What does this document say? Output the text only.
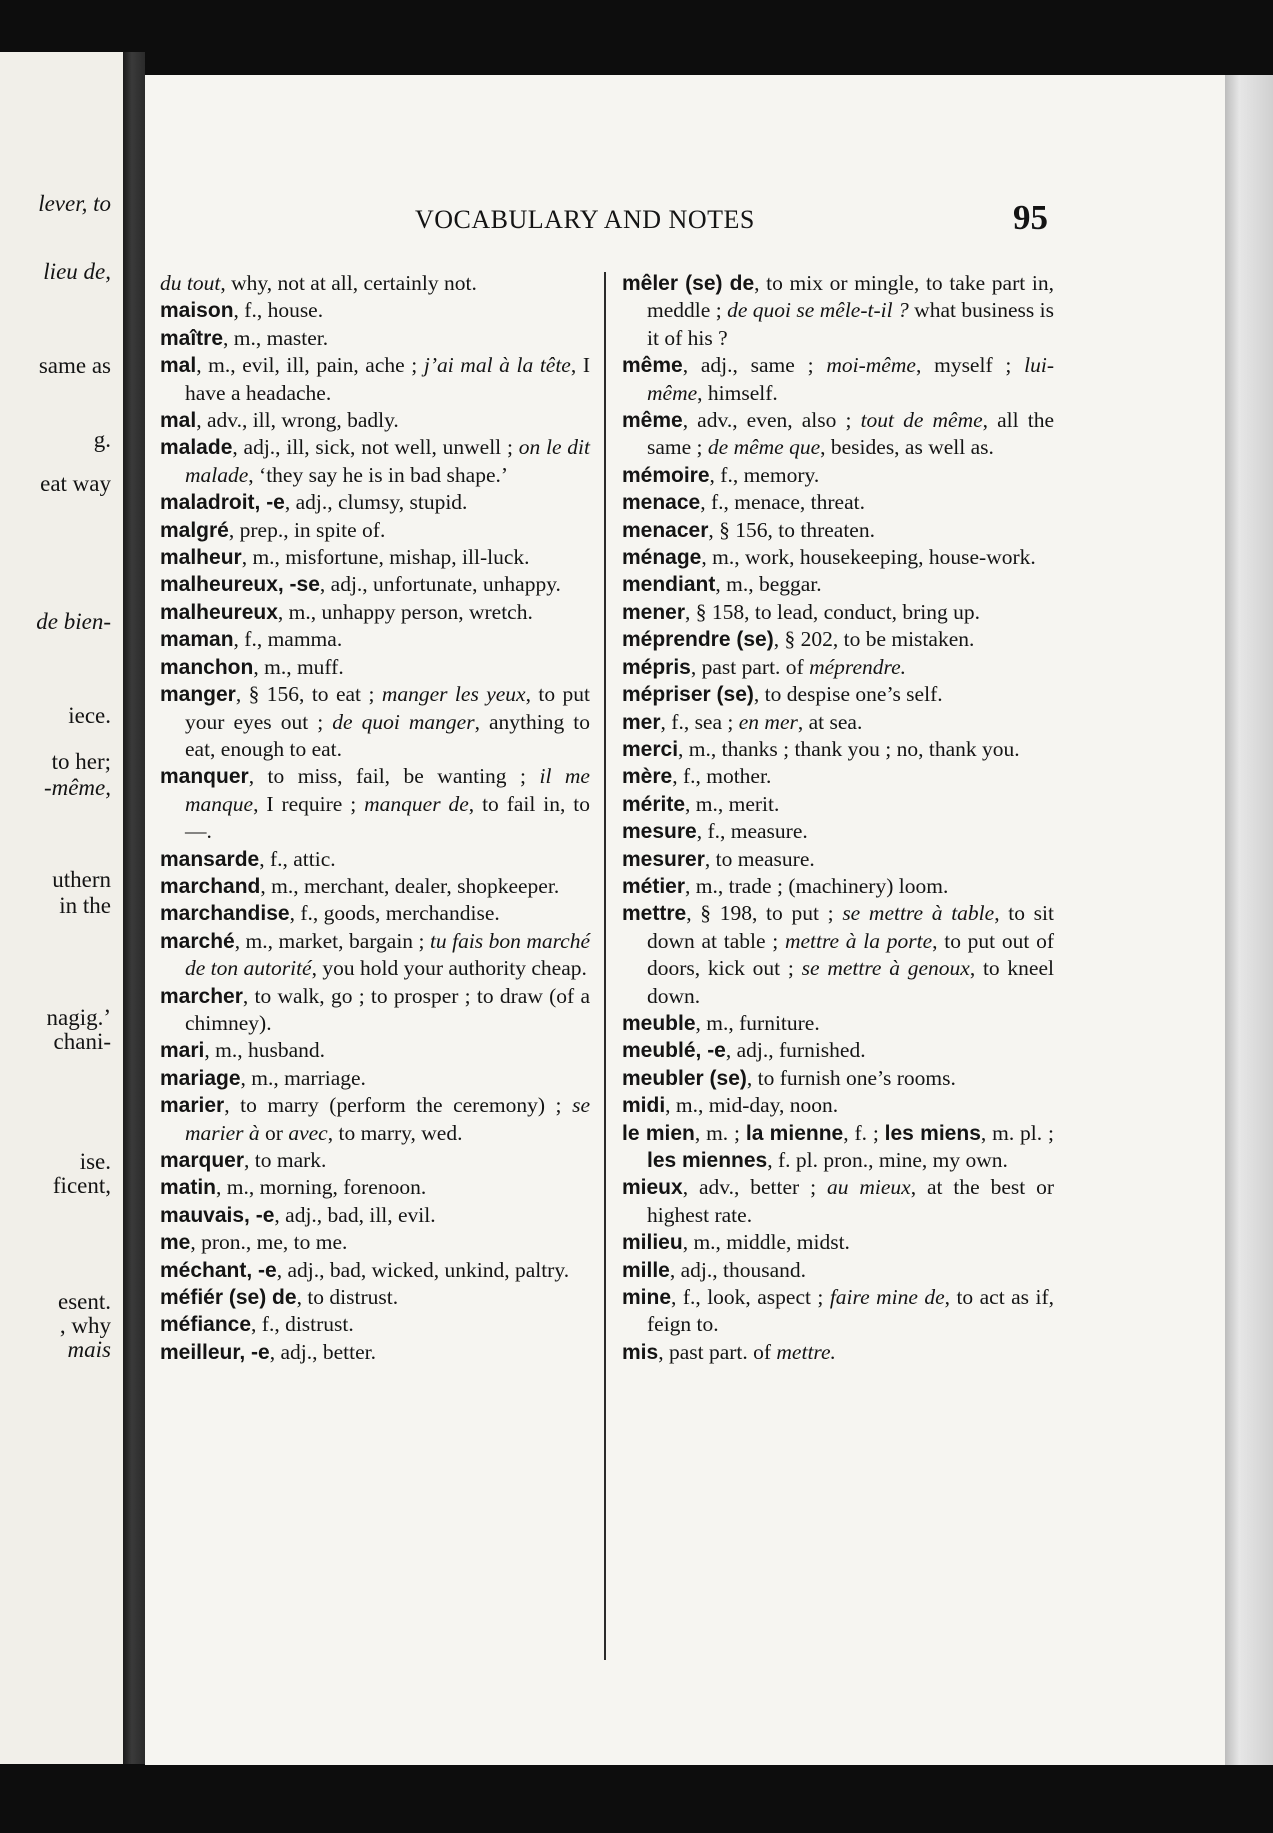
lever, to
lieu de,
same as
g.
eat way
de bien-
iece.
to her;
-même,
uthern
in the
nagig.’
chani-
ise.
ficent,
esent.
, why
mais
VOCABULARY AND NOTES	95
du tout, why, not at all, certainly not.
maison, f., house.
maître, m., master.
mal, m., evil, ill, pain, ache ; j’ai mal à la tête, I have a headache.
mal, adv., ill, wrong, badly.
malade, adj., ill, sick, not well, unwell ; on le dit malade, ‘they say he is in bad shape.’
maladroit, -e, adj., clumsy, stupid.
malgré, prep., in spite of.
malheur, m., misfortune, mishap, ill-luck.
malheureux, -se, adj., unfortunate, unhappy.
malheureux, m., unhappy person, wretch.
maman, f., mamma.
manchon, m., muff.
manger, § 156, to eat ; manger les yeux, to put your eyes out ; de quoi manger, anything to eat, enough to eat.
manquer, to miss, fail, be wanting ; il me manque, I require ; manquer de, to fail in, to —.
mansarde, f., attic.
marchand, m., merchant, dealer, shopkeeper.
marchandise, f., goods, merchandise.
marché, m., market, bargain ; tu fais bon marché de ton autorité, you hold your authority cheap.
marcher, to walk, go ; to prosper ; to draw (of a chimney).
mari, m., husband.
mariage, m., marriage.
marier, to marry (perform the ceremony) ; se marier à or avec, to marry, wed.
marquer, to mark.
matin, m., morning, forenoon.
mauvais, -e, adj., bad, ill, evil.
me, pron., me, to me.
méchant, -e, adj., bad, wicked, unkind, paltry.
méfiér (se) de, to distrust.
méfiance, f., distrust.
meilleur, -e, adj., better.
mêler (se) de, to mix or mingle, to take part in, meddle ; de quoi se mêle-t-il ? what business is it of his ?
même, adj., same ; moi-même, myself ; lui-même, himself.
même, adv., even, also ; tout de même, all the same ; de même que, besides, as well as.
mémoire, f., memory.
menace, f., menace, threat.
menacer, § 156, to threaten.
ménage, m., work, housekeeping, house-work.
mendiant, m., beggar.
mener, § 158, to lead, conduct, bring up.
méprendre (se), § 202, to be mistaken.
mépris, past part. of méprendre.
mépriser (se), to despise one’s self.
mer, f., sea ; en mer, at sea.
merci, m., thanks ; thank you ; no, thank you.
mère, f., mother.
mérite, m., merit.
mesure, f., measure.
mesurer, to measure.
métier, m., trade ; (machinery) loom.
mettre, § 198, to put ; se mettre à table, to sit down at table ; mettre à la porte, to put out of doors, kick out ; se mettre à genoux, to kneel down.
meuble, m., furniture.
meublé, -e, adj., furnished.
meubler (se), to furnish one’s rooms.
midi, m., mid-day, noon.
le mien, m. ; la mienne, f. ; les miens, m. pl. ; les miennes, f. pl. pron., mine, my own.
mieux, adv., better ; au mieux, at the best or highest rate.
milieu, m., middle, midst.
mille, adj., thousand.
mine, f., look, aspect ; faire mine de, to act as if, feign to.
mis, past part. of mettre.
